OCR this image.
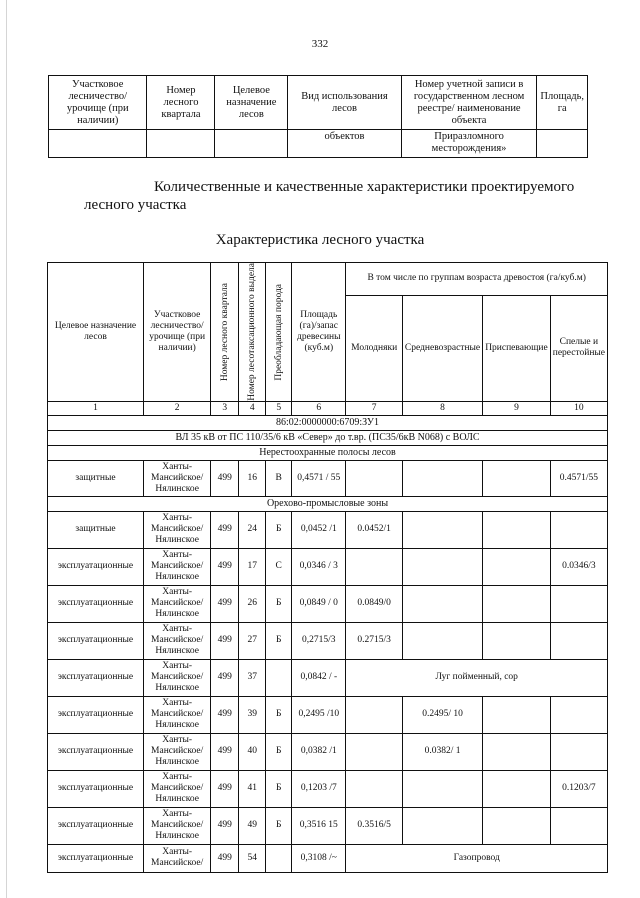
332
Участковое лесничество/ урочище (при наличии)	Номер лесного квартала	Целевое назначение лесов	Вид использования лесов	Номер учетной записи в государственном лесном реестре/ наименование объекта	Площадь, га
			объектов	Приразломного месторождения»	
Количественные и качественные характеристики проектируемого лесного участка
Характеристика лесного участка
Целевое назначение лесов	Участковое лесничество/ урочище (при наличии)	Номер лесного квартала	Номер лесотаксационного выдела	Преобладающая порода	Площадь (га)/запас древесины (куб.м)	В том числе по группам возраста древостоя (га/куб.м)			
						Молодняки	Средневозрастные	Приспевающие	Спелые и перестойные
1	2	3	4	5	6	7	8	9	10
86:02:0000000:6709:ЗУ1									
ВЛ 35 кВ от ПС 110/35/6 кВ «Север» до т.вр. (ПС35/6кВ N068) с ВОЛС									
Нерестоохранные полосы лесов									
защитные	Ханты-Мансийское/ Нялинское	499	16	В	0,4571 / 55				0.4571/55
Орехово-промысловые зоны									
защитные	Ханты-Мансийское/ Нялинское	499	24	Б	0,0452 /1	0.0452/1			
эксплуатационные	Ханты-Мансийское/ Нялинское	499	17	С	0,0346 / 3				0.0346/3
эксплуатационные	Ханты-Мансийское/ Нялинское	499	26	Б	0,0849 / 0	0.0849/0			
эксплуатационные	Ханты-Мансийское/ Нялинское	499	27	Б	0,2715/3	0.2715/3			
эксплуатационные	Ханты-Мансийское/ Нялинское	499	37		0,0842 / -	Луг пойменный, сор			
эксплуатационные	Ханты-Мансийское/ Нялинское	499	39	Б	0,2495 /10		0.2495/ 10		
эксплуатационные	Ханты-Мансийское/ Нялинское	499	40	Б	0,0382 /1		0.0382/ 1		
эксплуатационные	Ханты-Мансийское/ Нялинское	499	41	Б	0,1203 /7				0.1203/7
эксплуатационные	Ханты-Мансийское/ Нялинское	499	49	Б	0,3516 15	0.3516/5			
эксплуатационные	Ханты-Мансийское/	499	54		0,3108 /~	Газопровод			
